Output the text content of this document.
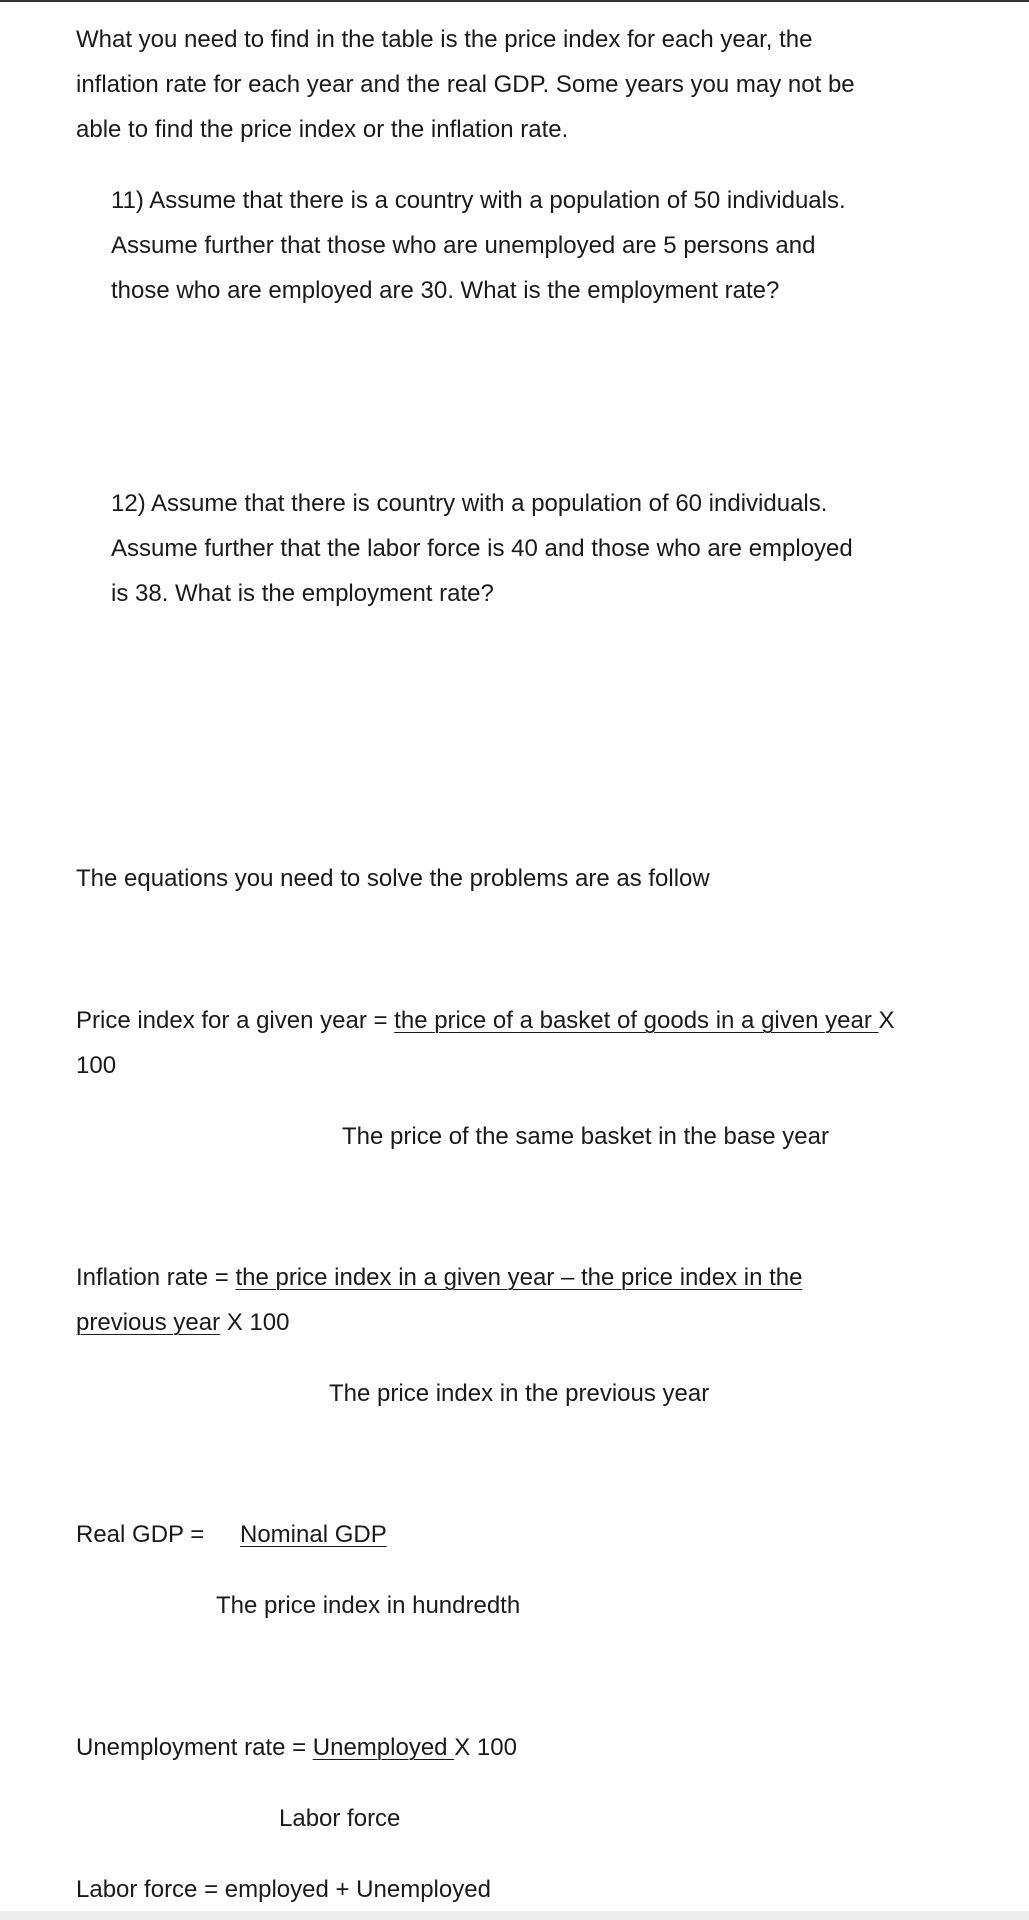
What you need to find in the table is the price index for each year, the
inflation rate for each year and the real GDP. Some years you may not be
able to find the price index or the inflation rate.
11) Assume that there is a country with a population of 50 individuals.
Assume further that those who are unemployed are 5 persons and
those who are employed are 30. What is the employment rate?
12) Assume that there is country with a population of 60 individuals.
Assume further that the labor force is 40 and those who are employed
is 38. What is the employment rate?
The equations you need to solve the problems are as follow
Price index for a given year = the price of a basket of goods in a given year X
100
The price of the same basket in the base year
Inflation rate = the price index in a given year – the price index in the
previous year X 100
The price index in the previous year
Real GDP = Nominal GDP
The price index in hundredth
Unemployment rate = Unemployed X 100
Labor force
Labor force = employed + Unemployed
